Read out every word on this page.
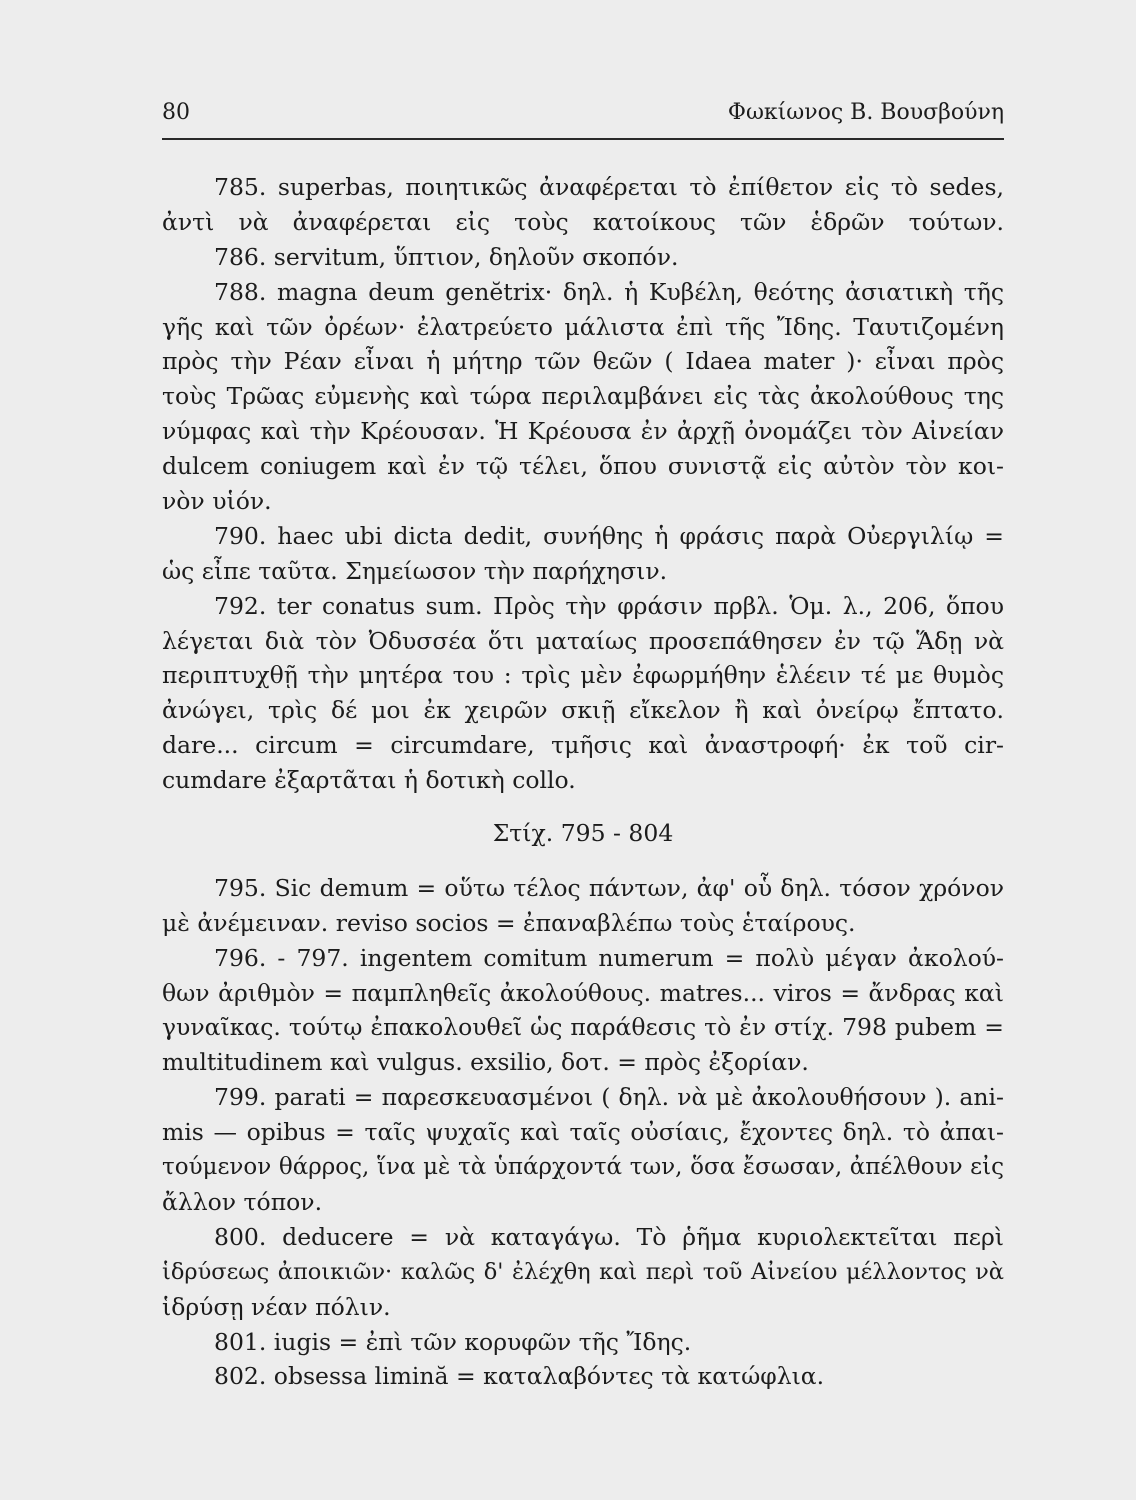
80	Φωκίωνος Β. Βουσβούνη
785. superbas, ποιητικῶς ἀναφέρεται τὸ ἐπίθετον εἰς τὸ sedes,
ἀντὶ νὰ ἀναφέρεται εἰς τοὺς κατοίκους τῶν ἑδρῶν τούτων.
786. servitum, ὕπτιον, δηλοῦν σκοπόν.
788. magna deum genĕtrix· δηλ. ἡ Κυβέλη, θεότης ἀσιατικὴ τῆς
γῆς καὶ τῶν ὀρέων· ἐλατρεύετο μάλιστα ἐπὶ τῆς Ἴδης. Ταυτιζομένη
πρὸς τὴν Ρέαν εἶναι ἡ μήτηρ τῶν θεῶν ( Idaea mater )· εἶναι πρὸς
τοὺς Τρῶας εὐμενὴς καὶ τώρα περιλαμβάνει εἰς τὰς ἀκολούθους της
νύμφας καὶ τὴν Κρέουσαν. Ἡ Κρέουσα ἐν ἀρχῇ ὀνομάζει τὸν Αἰνείαν
dulcem coniugem καὶ ἐν τῷ τέλει, ὅπου συνιστᾷ εἰς αὐτὸν τὸν κοι-
νὸν υἱόν.
790. haec ubi dicta dedit, συνήθης ἡ φράσις παρὰ Οὐεργιλίῳ =
ὡς εἶπε ταῦτα. Σημείωσον τὴν παρήχησιν.
792. ter conatus sum. Πρὸς τὴν φράσιν πρβλ. Ὁμ. λ., 206, ὅπου
λέγεται διὰ τὸν Ὀδυσσέα ὅτι ματαίως προσεπάθησεν ἐν τῷ Ἅδῃ νὰ
περιπτυχθῇ τὴν μητέρα του : τρὶς μὲν ἐφωρμήθην ἑλέειν τέ με θυμὸς
ἀνώγει, τρὶς δέ μοι ἐκ χειρῶν σκιῇ εἴκελον ἢ καὶ ὀνείρῳ ἔπτατο.
dare... circum = circumdare, τμῆσις καὶ ἀναστροφή· ἐκ τοῦ cir-
cumdare ἐξαρτᾶται ἡ δοτικὴ collo.
Στίχ. 795 - 804
795. Sic demum = οὕτω τέλος πάντων, ἀφ' οὗ δηλ. τόσον χρόνον
μὲ ἀνέμειναν. reviso socios = ἐπαναβλέπω τοὺς ἑταίρους.
796. - 797. ingentem comitum numerum = πολὺ μέγαν ἀκολού-
θων ἀριθμὸν = παμπληθεῖς ἀκολούθους. matres... viros = ἄνδρας καὶ
γυναῖκας. τούτῳ ἐπακολουθεῖ ὡς παράθεσις τὸ ἐν στίχ. 798 pubem =
multitudinem καὶ vulgus. exsilio, δοτ. = πρὸς ἐξορίαν.
799. parati = παρεσκευασμένοι ( δηλ. νὰ μὲ ἀκολουθήσουν ). ani-
mis — opibus = ταῖς ψυχαῖς καὶ ταῖς οὐσίαις, ἔχοντες δηλ. τὸ ἀπαι-
τούμενον θάρρος, ἵνα μὲ τὰ ὑπάρχοντά των, ὅσα ἔσωσαν, ἀπέλθουν εἰς
ἄλλον τόπον.
800. deducere = νὰ καταγάγω. Τὸ ῥῆμα κυριολεκτεῖται περὶ
ἱδρύσεως ἀποικιῶν· καλῶς δ' ἐλέχθη καὶ περὶ τοῦ Αἰνείου μέλλοντος νὰ
ἱδρύσῃ νέαν πόλιν.
801. iugis = ἐπὶ τῶν κορυφῶν τῆς Ἴδης.
802. obsessa limină = καταλαβόντες τὰ κατώφλια.
